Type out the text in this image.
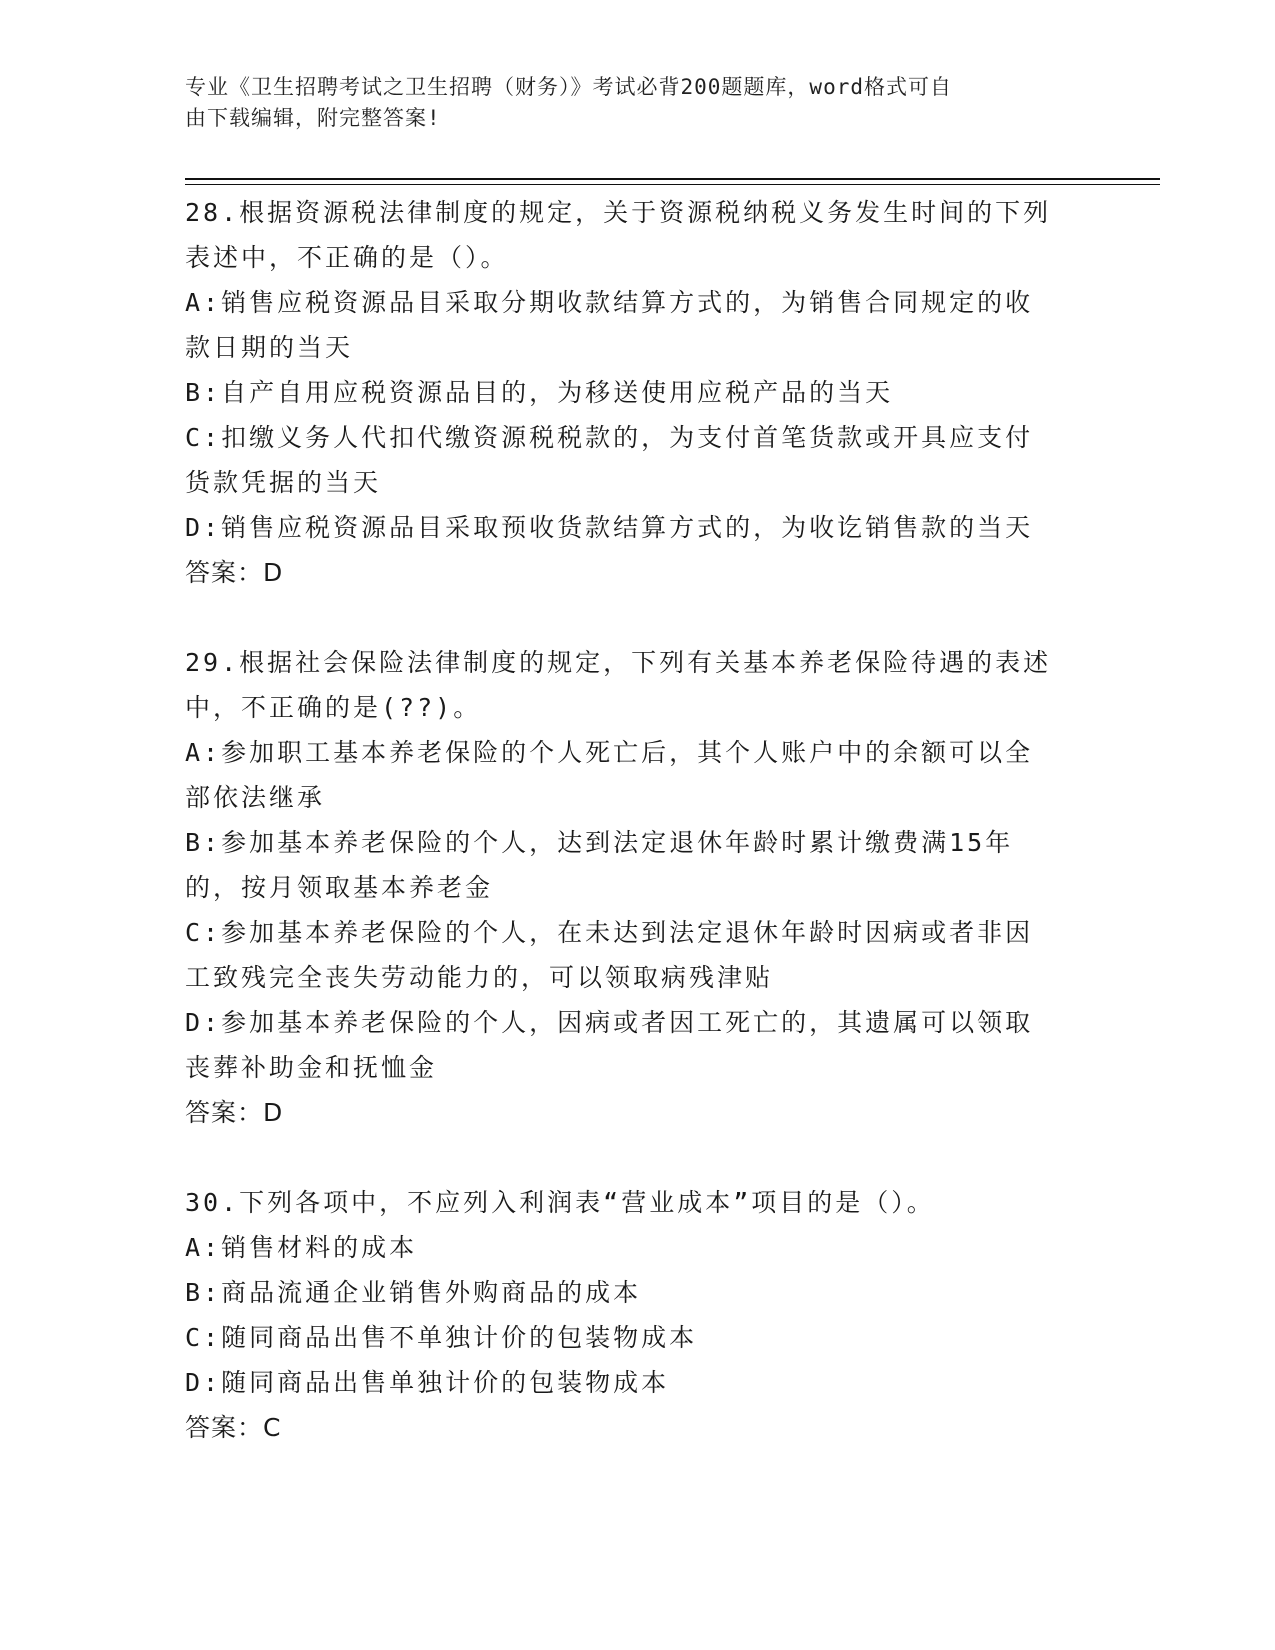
专业《卫生招聘考试之卫生招聘（财务）》考试必背200题题库，word格式可自
由下载编辑，附完整答案!
28.根据资源税法律制度的规定，关于资源税纳税义务发生时间的下列
表述中，不正确的是（）。
A:销售应税资源品目采取分期收款结算方式的，为销售合同规定的收
款日期的当天
B:自产自用应税资源品目的，为移送使用应税产品的当天
C:扣缴义务人代扣代缴资源税税款的，为支付首笔货款或开具应支付
货款凭据的当天
D:销售应税资源品目采取预收货款结算方式的，为收讫销售款的当天
答案：D
29.根据社会保险法律制度的规定，下列有关基本养老保险待遇的表述
中，不正确的是(??)。
A:参加职工基本养老保险的个人死亡后，其个人账户中的余额可以全
部依法继承
B:参加基本养老保险的个人，达到法定退休年龄时累计缴费满15年
的，按月领取基本养老金
C:参加基本养老保险的个人，在未达到法定退休年龄时因病或者非因
工致残完全丧失劳动能力的，可以领取病残津贴
D:参加基本养老保险的个人，因病或者因工死亡的，其遗属可以领取
丧葬补助金和抚恤金
答案：D
30.下列各项中，不应列入利润表“营业成本”项目的是（）。
A:销售材料的成本
B:商品流通企业销售外购商品的成本
C:随同商品出售不单独计价的包装物成本
D:随同商品出售单独计价的包装物成本
答案：C
